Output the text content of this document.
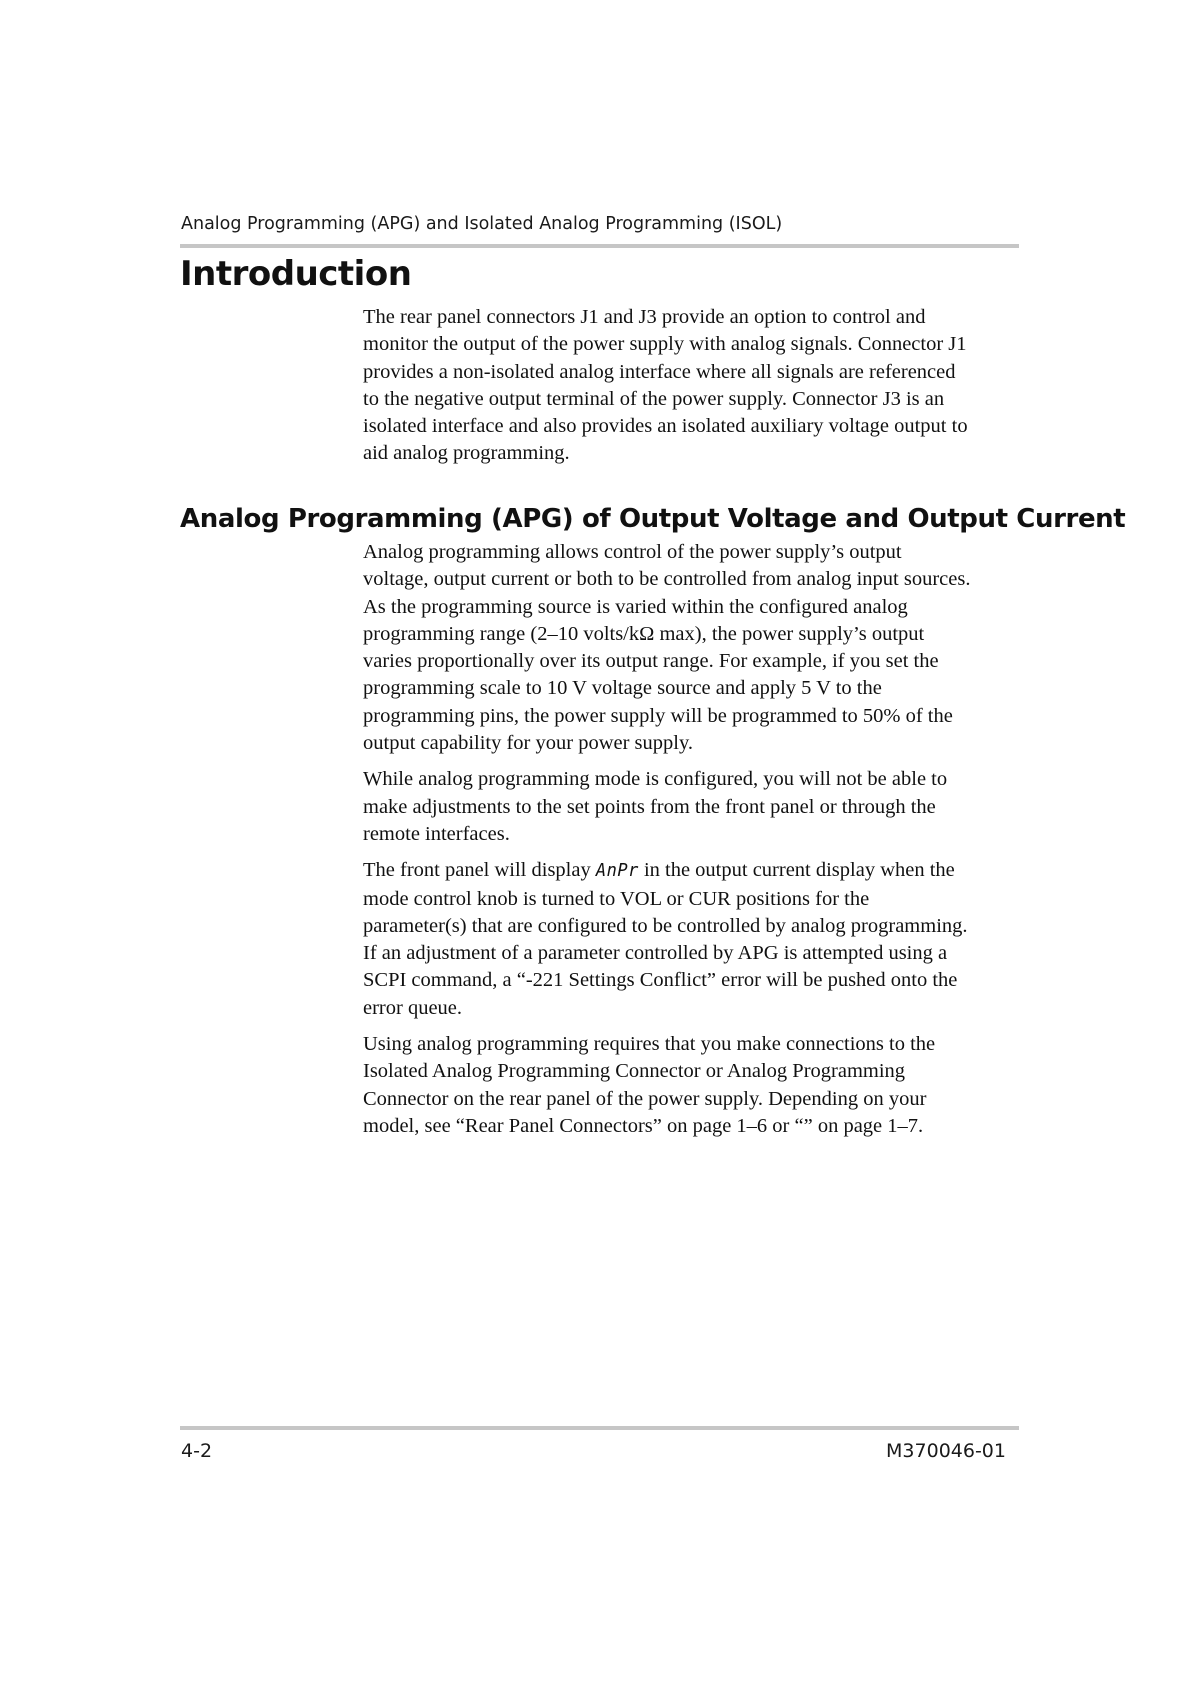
Analog Programming (APG) and Isolated Analog Programming (ISOL)
Introduction

The rear panel connectors J1 and J3 provide an option to control and
monitor the output of the power supply with analog signals. Connector J1
provides a non-isolated analog interface where all signals are referenced
to the negative output terminal of the power supply. Connector J3 is an
isolated interface and also provides an isolated auxiliary voltage output to
aid analog programming.

Analog Programming (APG) of Output Voltage and Output Current

Analog programming allows control of the power supply’s output
voltage, output current or both to be controlled from analog input sources.
As the programming source is varied within the configured analog
programming range (2–10 volts/kΩ max), the power supply’s output
varies proportionally over its output range. For example, if you set the
programming scale to 10 V voltage source and apply 5 V to the
programming pins, the power supply will be programmed to 50% of the
output capability for your power supply.

While analog programming mode is configured, you will not be able to
make adjustments to the set points from the front panel or through the
remote interfaces.

The front panel will display AnPr in the output current display when the
mode control knob is turned to VOL or CUR positions for the
parameter(s) that are configured to be controlled by analog programming.
If an adjustment of a parameter controlled by APG is attempted using a
SCPI command, a “-221 Settings Conflict” error will be pushed onto the
error queue.

Using analog programming requires that you make connections to the
Isolated Analog Programming Connector or Analog Programming
Connector on the rear panel of the power supply. Depending on your
model, see “Rear Panel Connectors” on page 1–6 or “” on page 1–7.

4-2	M370046-01
